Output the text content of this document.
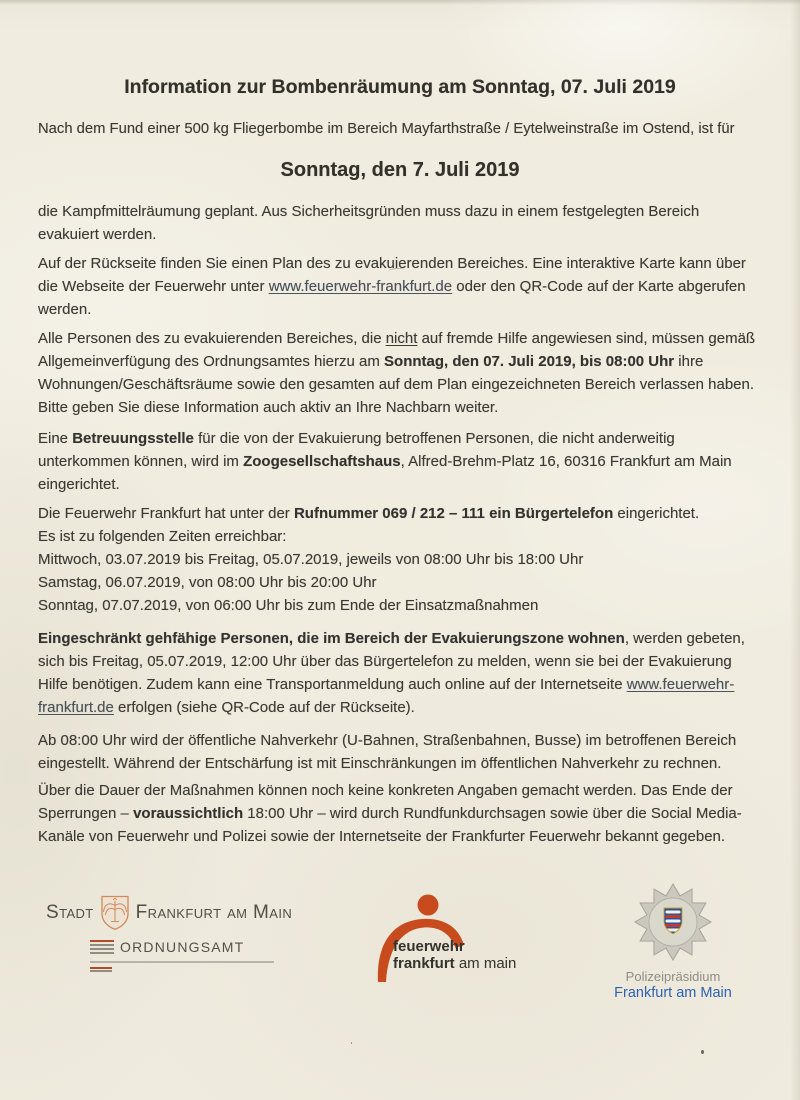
Information zur Bombenräumung am Sonntag, 07. Juli 2019

Nach dem Fund einer 500 kg Fliegerbombe im Bereich Mayfarthstraße / Eytelweinstraße im Ostend, ist für

Sonntag, den 7. Juli 2019

die Kampfmittelräumung geplant. Aus Sicherheitsgründen muss dazu in einem festgelegten Bereich evakuiert werden.

Auf der Rückseite finden Sie einen Plan des zu evakuierenden Bereiches. Eine interaktive Karte kann über die Webseite der Feuerwehr unter www.feuerwehr-frankfurt.de oder den QR-Code auf der Karte abgerufen werden.

Alle Personen des zu evakuierenden Bereiches, die nicht auf fremde Hilfe angewiesen sind, müssen gemäß Allgemeinverfügung des Ordnungsamtes hierzu am Sonntag, den 07. Juli 2019, bis 08:00 Uhr ihre Wohnungen/Geschäftsräume sowie den gesamten auf dem Plan eingezeichneten Bereich verlassen haben. Bitte geben Sie diese Information auch aktiv an Ihre Nachbarn weiter.

Eine Betreuungsstelle für die von der Evakuierung betroffenen Personen, die nicht anderweitig unterkommen können, wird im Zoogesellschaftshaus, Alfred-Brehm-Platz 16, 60316 Frankfurt am Main eingerichtet.

Die Feuerwehr Frankfurt hat unter der Rufnummer 069 / 212 – 111 ein Bürgertelefon eingerichtet.
Es ist zu folgenden Zeiten erreichbar:
Mittwoch, 03.07.2019 bis Freitag, 05.07.2019, jeweils von 08:00 Uhr bis 18:00 Uhr
Samstag, 06.07.2019, von 08:00 Uhr bis 20:00 Uhr
Sonntag, 07.07.2019, von 06:00 Uhr bis zum Ende der Einsatzmaßnahmen

Eingeschränkt gehfähige Personen, die im Bereich der Evakuierungszone wohnen, werden gebeten, sich bis Freitag, 05.07.2019, 12:00 Uhr über das Bürgertelefon zu melden, wenn sie bei der Evakuierung Hilfe benötigen. Zudem kann eine Transportanmeldung auch online auf der Internetseite www.feuerwehr-frankfurt.de erfolgen (siehe QR-Code auf der Rückseite).

Ab 08:00 Uhr wird der öffentliche Nahverkehr (U-Bahnen, Straßenbahnen, Busse) im betroffenen Bereich eingestellt. Während der Entschärfung ist mit Einschränkungen im öffentlichen Nahverkehr zu rechnen.

Über die Dauer der Maßnahmen können noch keine konkreten Angaben gemacht werden. Das Ende der Sperrungen – voraussichtlich 18:00 Uhr – wird durch Rundfunkdurchsagen sowie über die Social Media-Kanäle von Feuerwehr und Polizei sowie der Internetseite der Frankfurter Feuerwehr bekannt gegeben.

Stadt Frankfurt am Main
ORDNUNGSAMT	feuerwehr
frankfurt am main
Polizeipräsidium
Frankfurt am Main
